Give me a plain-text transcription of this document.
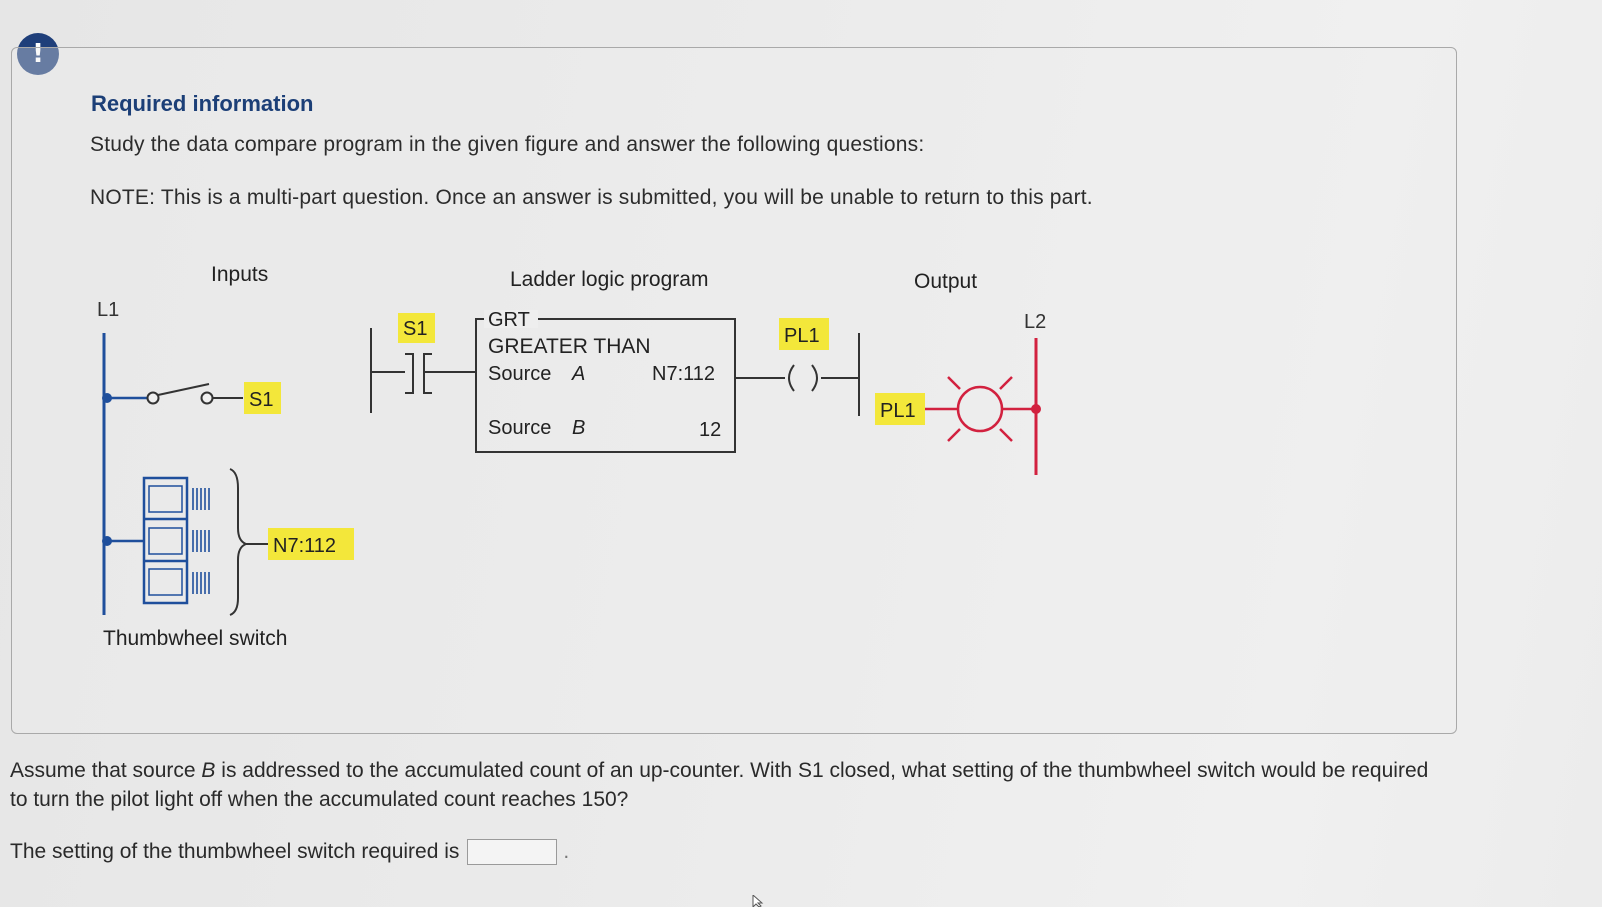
!
Required information
Study the data compare program in the given figure and answer the following questions:
NOTE: This is a multi-part question. Once an answer is submitted, you will be unable to return to this part.
Inputs	Ladder logic program	Output
L1
L2
S1
N7:112
Thumbwheel switch
S1	GRT
GREATER THAN
Source A	N7:112
Source B	12
PL1
PL1
Assume that source B is addressed to the accumulated count of an up-counter. With S1 closed, what setting of the thumbwheel switch would be required to turn the pilot light off when the accumulated count reaches 150?
The setting of the thumbwheel switch required is	.
